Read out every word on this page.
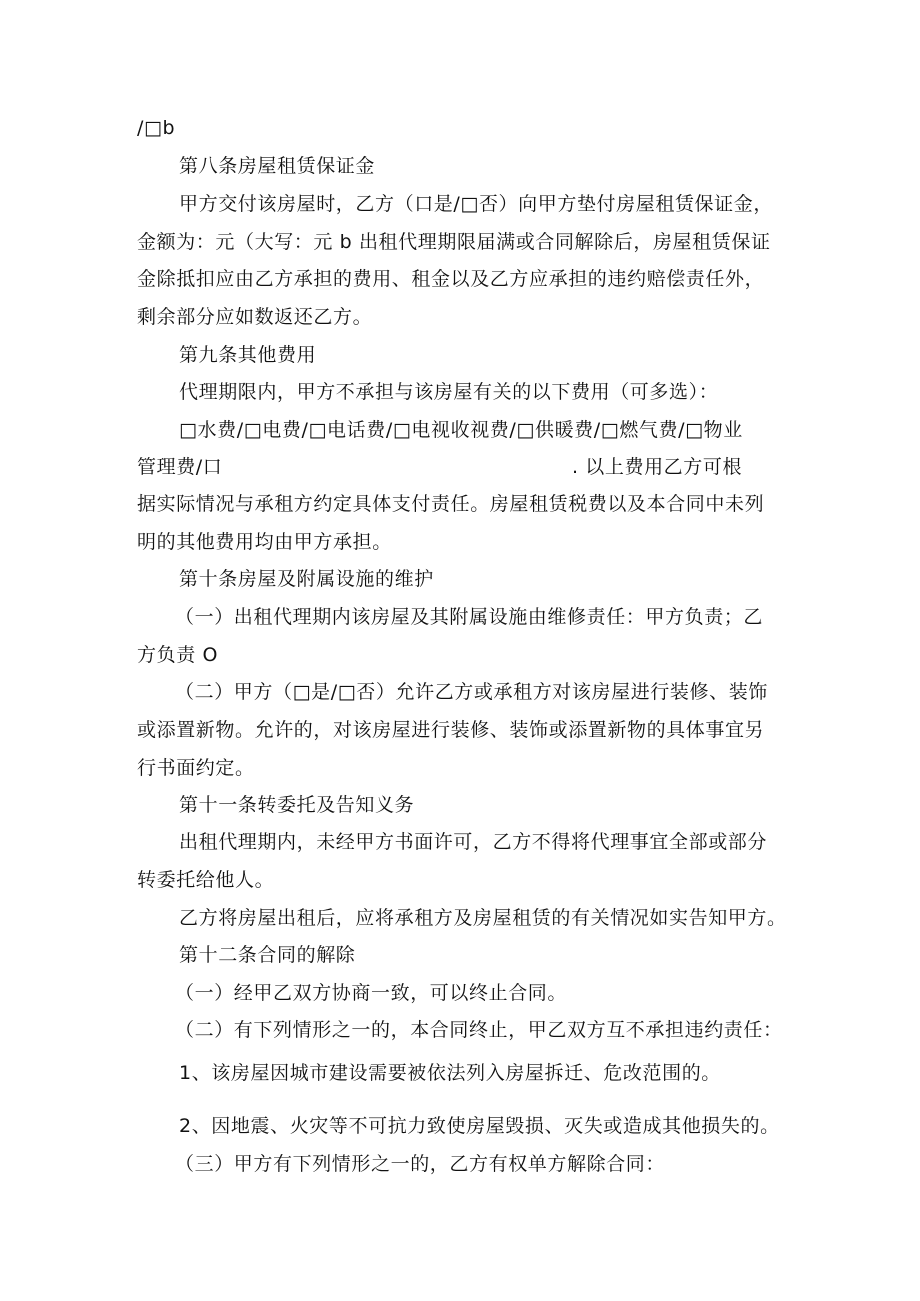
/□b
第八条房屋租赁保证金
甲方交付该房屋时，乙方（口是/□否）向甲方垫付房屋租赁保证金，
金额为：元（大写：元 b 出租代理期限届满或合同解除后，房屋租赁保证
金除抵扣应由乙方承担的费用、租金以及乙方应承担的违约赔偿责任外，
剩余部分应如数返还乙方。
第九条其他费用
代理期限内，甲方不承担与该房屋有关的以下费用（可多选）：
□水费/□电费/□电话费/□电视收视费/□供暖费/□燃气费/□物业
管理费/口	. 以上费用乙方可根
据实际情况与承租方约定具体支付责任。房屋租赁税费以及本合同中未列
明的其他费用均由甲方承担。
第十条房屋及附属设施的维护
（一）出租代理期内该房屋及其附属设施由维修责任：甲方负责；乙
方负责 O
（二）甲方（□是/□否）允许乙方或承租方对该房屋进行装修、装饰
或添置新物。允许的，对该房屋进行装修、装饰或添置新物的具体事宜另
行书面约定。
第十一条转委托及告知义务
出租代理期内，未经甲方书面许可，乙方不得将代理事宜全部或部分
转委托给他人。
乙方将房屋出租后，应将承租方及房屋租赁的有关情况如实告知甲方。
第十二条合同的解除
（一）经甲乙双方协商一致，可以终止合同。
（二）有下列情形之一的，本合同终止，甲乙双方互不承担违约责任：
1、该房屋因城市建设需要被依法列入房屋拆迁、危改范围的。
2、因地震、火灾等不可抗力致使房屋毁损、灭失或造成其他损失的。
（三）甲方有下列情形之一的，乙方有权单方解除合同：
